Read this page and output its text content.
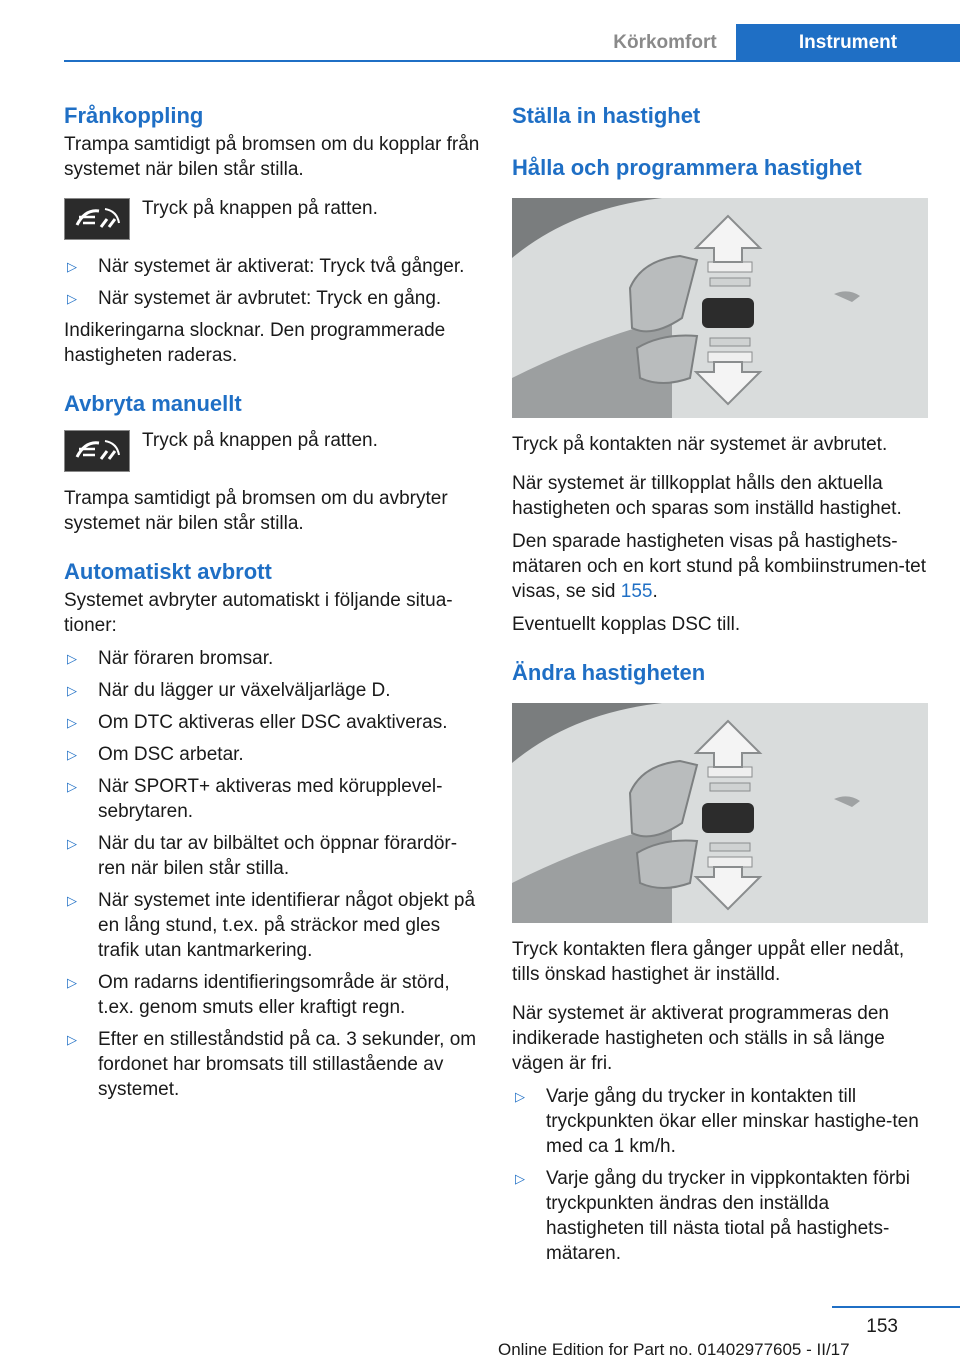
Körkomfort	Instrument
Frånkoppling

Trampa samtidigt på bromsen om du kopplar från systemet när bilen står stilla.

Tryck på knappen på ratten.
▷ När systemet är aktiverat: Tryck två gånger.
▷ När systemet är avbrutet: Tryck en gång.

Indikeringarna slocknar. Den programmerade hastigheten raderas.

Avbryta manuellt
Tryck på knappen på ratten.

Trampa samtidigt på bromsen om du avbryter systemet när bilen står stilla.

Automatiskt avbrott

Systemet avbryter automatiskt i följande situa-tioner:

▷ När föraren bromsar.
▷ När du lägger ur växelväljarläge D.
▷ Om DTC aktiveras eller DSC avaktiveras.
▷ Om DSC arbetar.
▷ När SPORT+ aktiveras med körupplevel-sebrytaren.
▷ När du tar av bilbältet och öppnar förardör-ren när bilen står stilla.
▷ När systemet inte identifierar något objekt på en lång stund, t.ex. på sträckor med gles trafik utan kantmarkering.
▷ Om radarns identifieringsområde är störd, t.ex. genom smuts eller kraftigt regn.
▷ Efter en stilleståndstid på ca. 3 sekunder, om fordonet har bromsats till stillastående av systemet.
Ställa in hastighet
Hålla och programmera hastighet

Tryck på kontakten när systemet är avbrutet.

När systemet är tillkopplat hålls den aktuella hastigheten och sparas som inställd hastighet.

Den sparade hastigheten visas på hastighets-mätaren och en kort stund på kombiinstrumen-tet visas, se sid 155.

Eventuellt kopplas DSC till.

Ändra hastigheten

Tryck kontakten flera gånger uppåt eller nedåt, tills önskad hastighet är inställd.

När systemet är aktiverat programmeras den indikerade hastigheten och ställs in så länge vägen är fri.

▷ Varje gång du trycker in kontakten till tryckpunkten ökar eller minskar hastighe-ten med ca 1 km/h.
▷ Varje gång du trycker in vippkontakten förbi tryckpunkten ändras den inställda hastigheten till nästa tiotal på hastighets-mätaren.
153
Online Edition for Part no. 01402977605 - II/17
